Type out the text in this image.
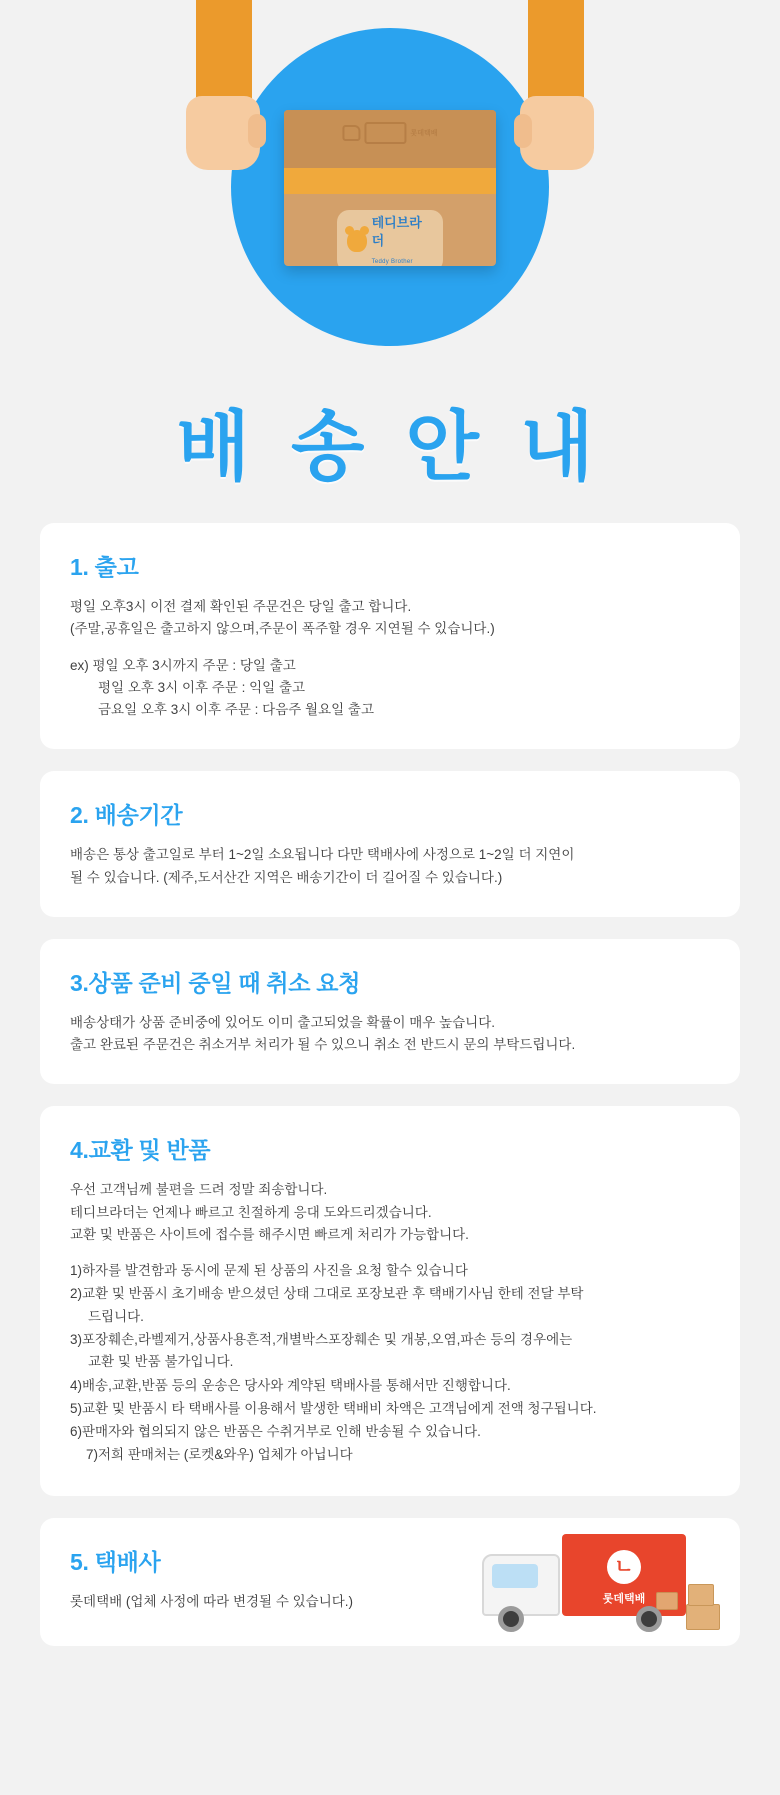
롯데택배
테디브라더
Teddy Brother
배 송 안 내
1. 출고

평일 오후3시 이전 결제 확인된 주문건은 당일 출고 합니다.

(주말,공휴일은 출고하지 않으며,주문이 폭주할 경우 지연될 수 있습니다.)

ex) 평일 오후 3시까지 주문 : 당일 출고

평일 오후 3시 이후 주문 : 익일 출고

금요일 오후 3시 이후 주문 : 다음주 월요일 출고

2. 배송기간

배송은 통상 출고일로 부터 1~2일 소요됩니다 다만 택배사에 사정으로 1~2일 더 지연이

될 수 있습니다. (제주,도서산간 지역은 배송기간이 더 길어질 수 있습니다.)

3.상품 준비 중일 때 취소 요청

배송상태가 상품 준비중에 있어도 이미 출고되었을 확률이 매우 높습니다.

출고 완료된 주문건은 취소거부 처리가 될 수 있으니 취소 전 반드시 문의 부탁드립니다.

4.교환 및 반품

우선 고객님께 불편을 드려 정말 죄송합니다.

테디브라더는 언제나 빠르고 친절하게 응대 도와드리겠습니다.

교환 및 반품은 사이트에 접수를 해주시면 빠르게 처리가 가능합니다.

1)하자를 발견함과 동시에 문제 된 상품의 사진을 요청 할수 있습니다
2)교환 및 반품시 초기배송 받으셨던 상태 그대로 포장보관 후 택배기사님 한테 전달 부탁
드립니다.
3)포장훼손,라벨제거,상품사용흔적,개별박스포장훼손 및 개봉,오염,파손 등의 경우에는
교환 및 반품 불가입니다.
4)배송,교환,반품 등의 운송은 당사와 계약된 택배사를 통해서만 진행합니다.
5)교환 및 반품시 타 택배사를 이용해서 발생한 택배비 차액은 고객님에게 전액 청구됩니다.
6)판매자와 협의되지 않은 반품은 수취거부로 인해 반송될 수 있습니다.
7)저희 판매처는 (로켓&와우) 업체가 아닙니다
5. 택배사

롯데택배 (업체 사정에 따라 변경될 수 있습니다.)

ㄴ
롯데택배
